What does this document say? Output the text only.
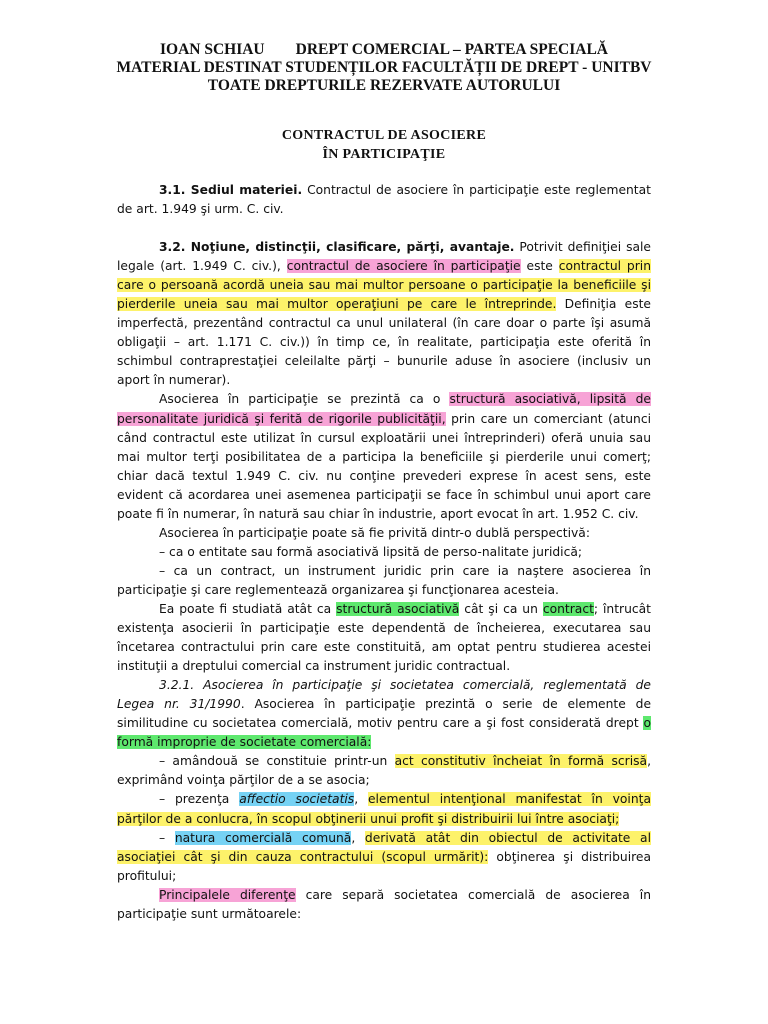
IOAN SCHIAU DREPT COMERCIAL – PARTEA SPECIALĂ
MATERIAL DESTINAT STUDENȚILOR FACULTĂȚII DE DREPT - UNITBV
TOATE DREPTURILE REZERVATE AUTORULUI
CONTRACTUL DE ASOCIERE
ÎN PARTICIPAŢIE

3.1. Sediul materiei. Contractul de asociere în participaţie este reglementat de art. 1.949 şi urm. C. civ.

3.2. Noţiune, distincţii, clasificare, părţi, avantaje. Potrivit definiţiei sale legale (art. 1.949 C. civ.), contractul de asociere în participaţie este contractul prin care o persoană acordă uneia sau mai multor persoane o participaţie la beneficiile şi pierderile uneia sau mai multor operaţiuni pe care le întreprinde. Definiţia este imperfectă, prezentând contractul ca unul unilateral (în care doar o parte îşi asumă obligaţii – art. 1.171 C. civ.)) în timp ce, în realitate, participaţia este oferită în schimbul contraprestaţiei celeilalte părţi – bunurile aduse în asociere (inclusiv un aport în numerar).

Asocierea în participaţie se prezintă ca o structură asociativă, lipsită de personalitate juridică şi ferită de rigorile publicităţii, prin care un comerciant (atunci când contractul este utilizat în cursul exploatării unei întreprinderi) oferă unuia sau mai multor terţi posibilitatea de a participa la beneficiile şi pierderile unui comerţ; chiar dacă textul 1.949 C. civ. nu conţine prevederi exprese în acest sens, este evident că acordarea unei asemenea participaţii se face în schimbul unui aport care poate fi în numerar, în natură sau chiar în industrie, aport evocat în art. 1.952 C. civ.

Asocierea în participaţie poate să fie privită dintr-o dublă perspectivă:

– ca o entitate sau formă asociativă lipsită de perso-nalitate juridică;

– ca un contract, un instrument juridic prin care ia naştere asocierea în participaţie şi care reglementează organizarea şi funcţionarea acesteia.

Ea poate fi studiată atât ca structură asociativă cât şi ca un contract; întrucât existenţa asocierii în participaţie este dependentă de încheierea, executarea sau încetarea contractului prin care este constituită, am optat pentru studierea acestei instituţii a dreptului comercial ca instrument juridic contractual.

3.2.1. Asocierea în participaţie şi societatea comercială, reglementată de Legea nr. 31/1990. Asocierea în participaţie prezintă o serie de elemente de similitudine cu societatea comercială, motiv pentru care a şi fost considerată drept o formă improprie de societate comercială:

– amândouă se constituie printr-un act constitutiv încheiat în formă scrisă, exprimând voinţa părţilor de a se asocia;

– prezenţa affectio societatis, elementul intenţional manifestat în voinţa părţilor de a conlucra, în scopul obţinerii unui profit şi distribuirii lui între asociaţi;

– natura comercială comună, derivată atât din obiectul de activitate al asociaţiei cât şi din cauza contractului (scopul urmărit): obţinerea şi distribuirea profitului;

Principalele diferenţe care separă societatea comercială de asocierea în participaţie sunt următoarele:
